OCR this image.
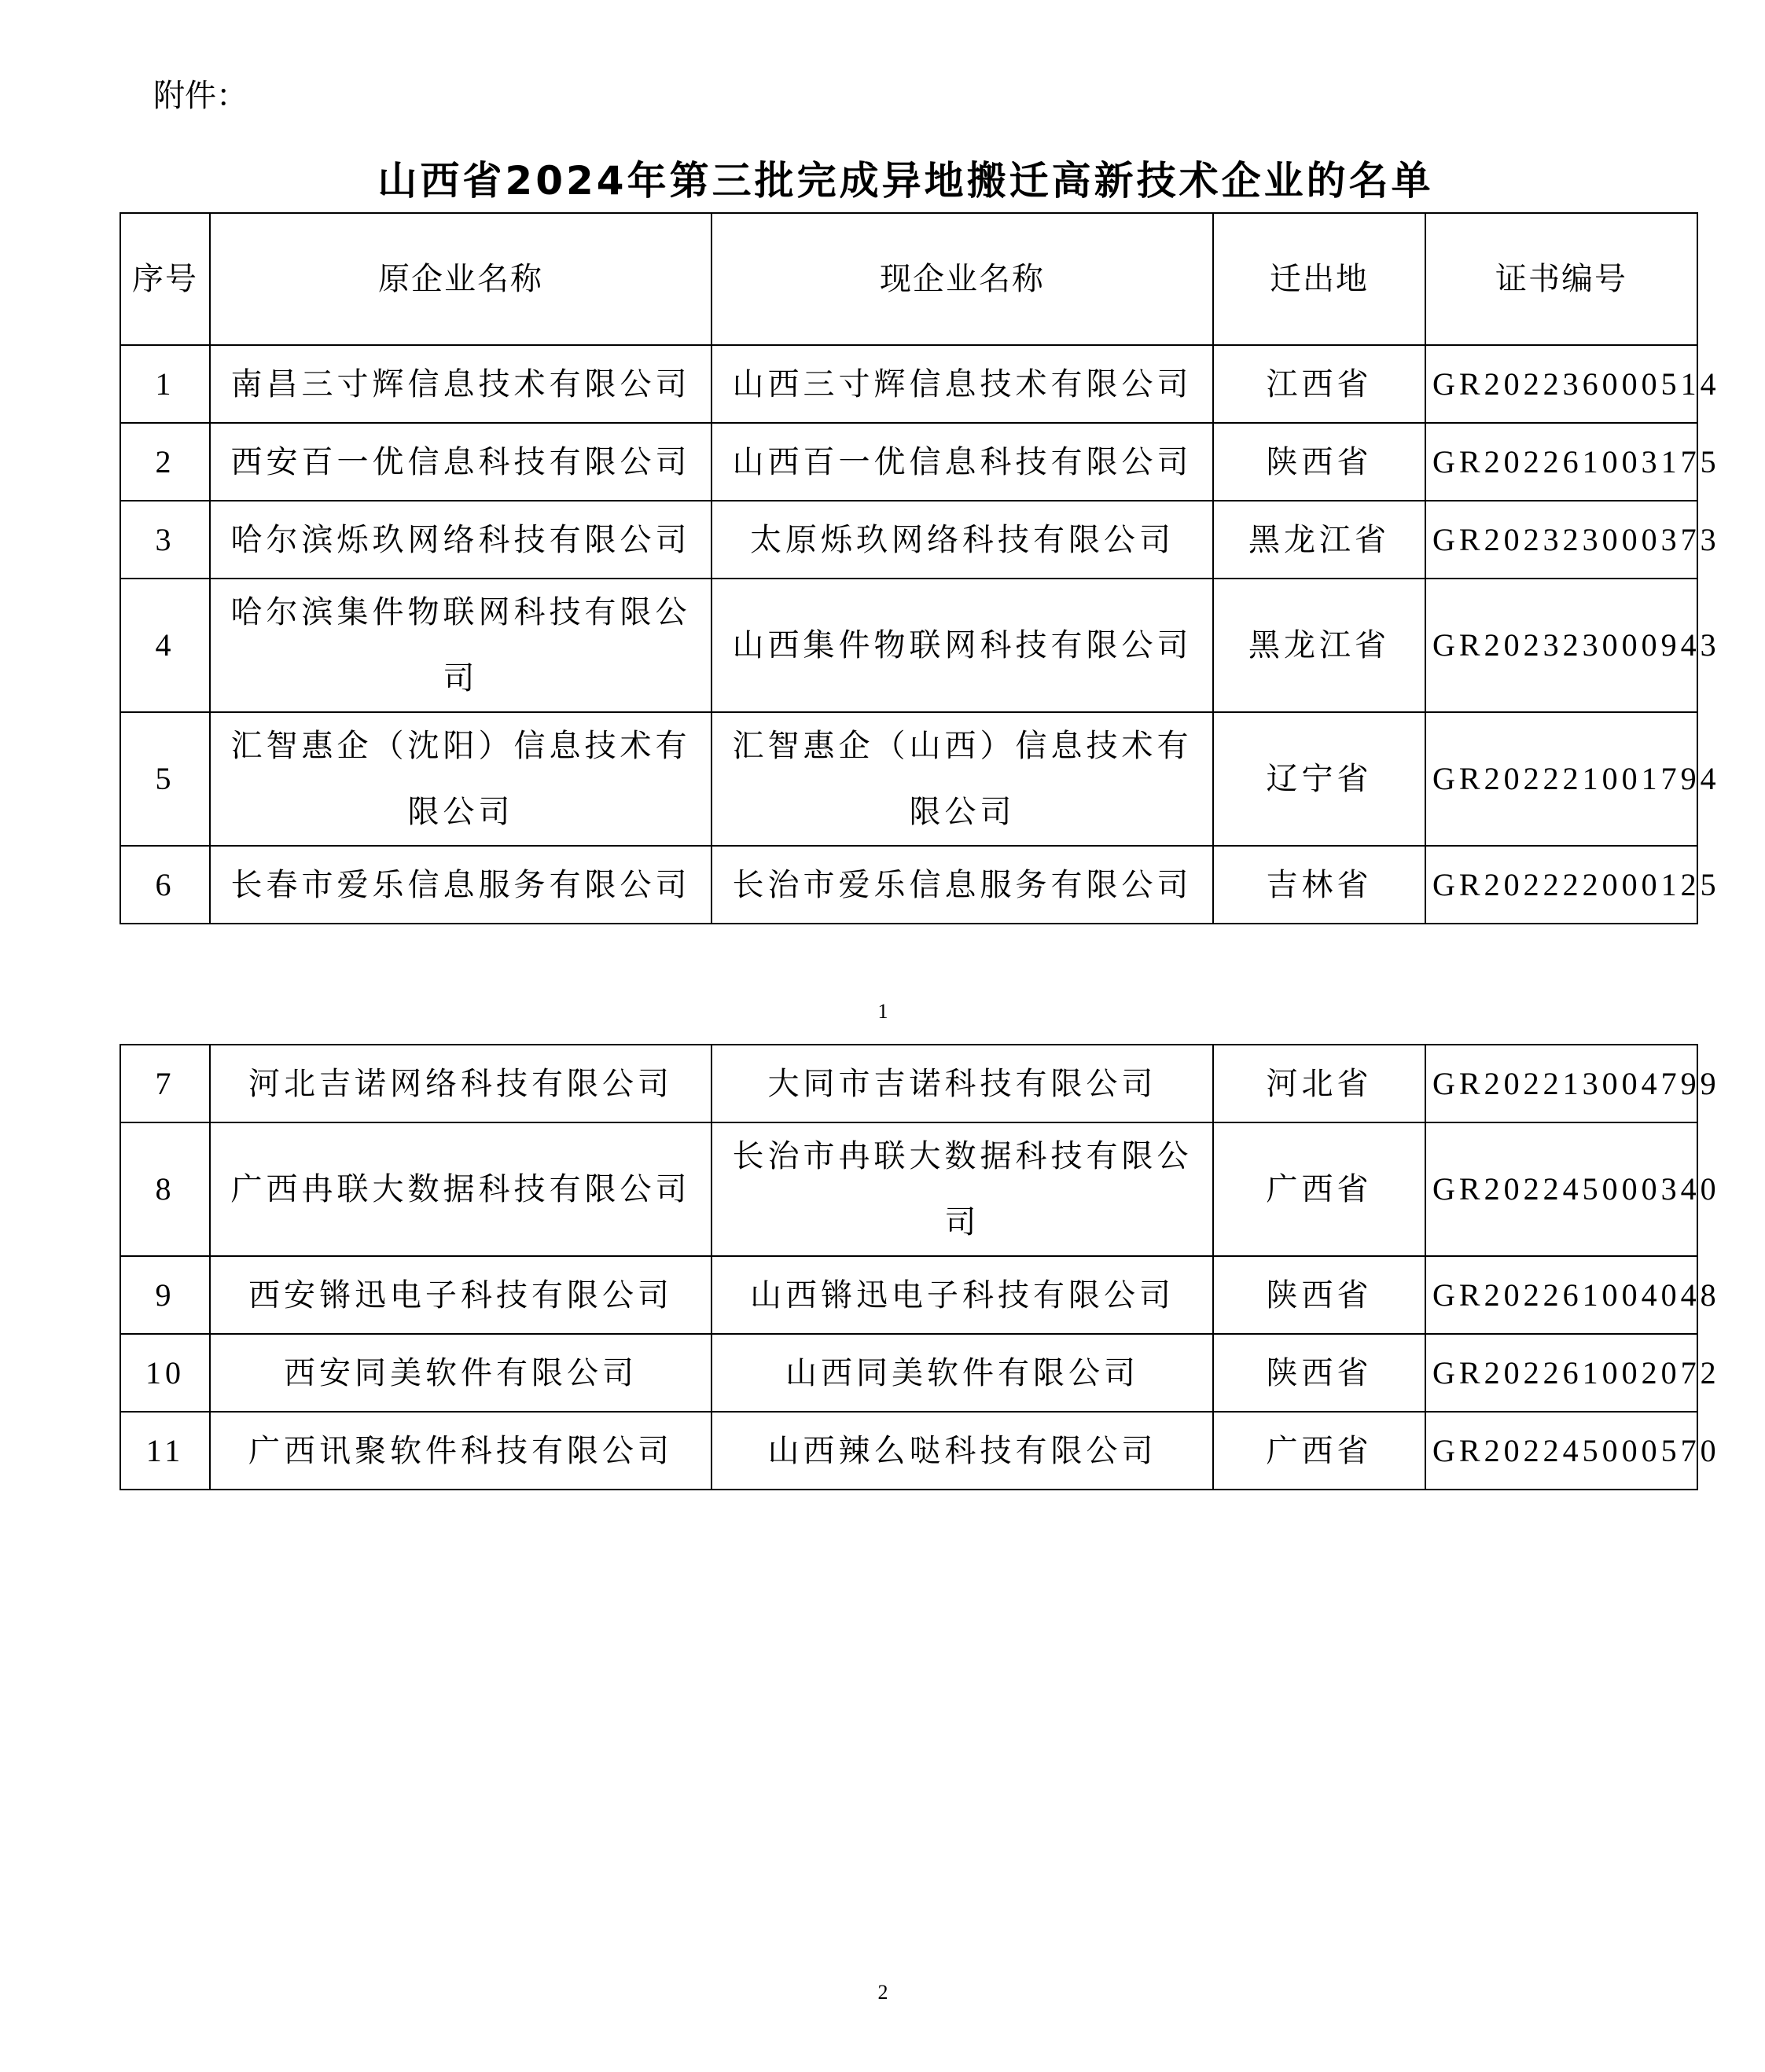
附件：
山西省2024年第三批完成异地搬迁高新技术企业的名单
序号	原企业名称	现企业名称	迁出地	证书编号
1	南昌三寸辉信息技术有限公司	山西三寸辉信息技术有限公司	江西省	GR202236000514
2	西安百一优信息科技有限公司	山西百一优信息科技有限公司	陕西省	GR202261003175
3	哈尔滨烁玖网络科技有限公司	太原烁玖网络科技有限公司	黑龙江省	GR202323000373
4	哈尔滨集件物联网科技有限公司	山西集件物联网科技有限公司	黑龙江省	GR202323000943
5	汇智惠企（沈阳）信息技术有限公司	汇智惠企（山西）信息技术有限公司	辽宁省	GR202221001794
6	长春市爱乐信息服务有限公司	长治市爱乐信息服务有限公司	吉林省	GR202222000125
1
7	河北吉诺网络科技有限公司	大同市吉诺科技有限公司	河北省	GR202213004799
8	广西冉联大数据科技有限公司	长治市冉联大数据科技有限公司	广西省	GR202245000340
9	西安锵迅电子科技有限公司	山西锵迅电子科技有限公司	陕西省	GR202261004048
10	西安同美软件有限公司	山西同美软件有限公司	陕西省	GR202261002072
11	广西讯聚软件科技有限公司	山西辣么哒科技有限公司	广西省	GR202245000570
2
